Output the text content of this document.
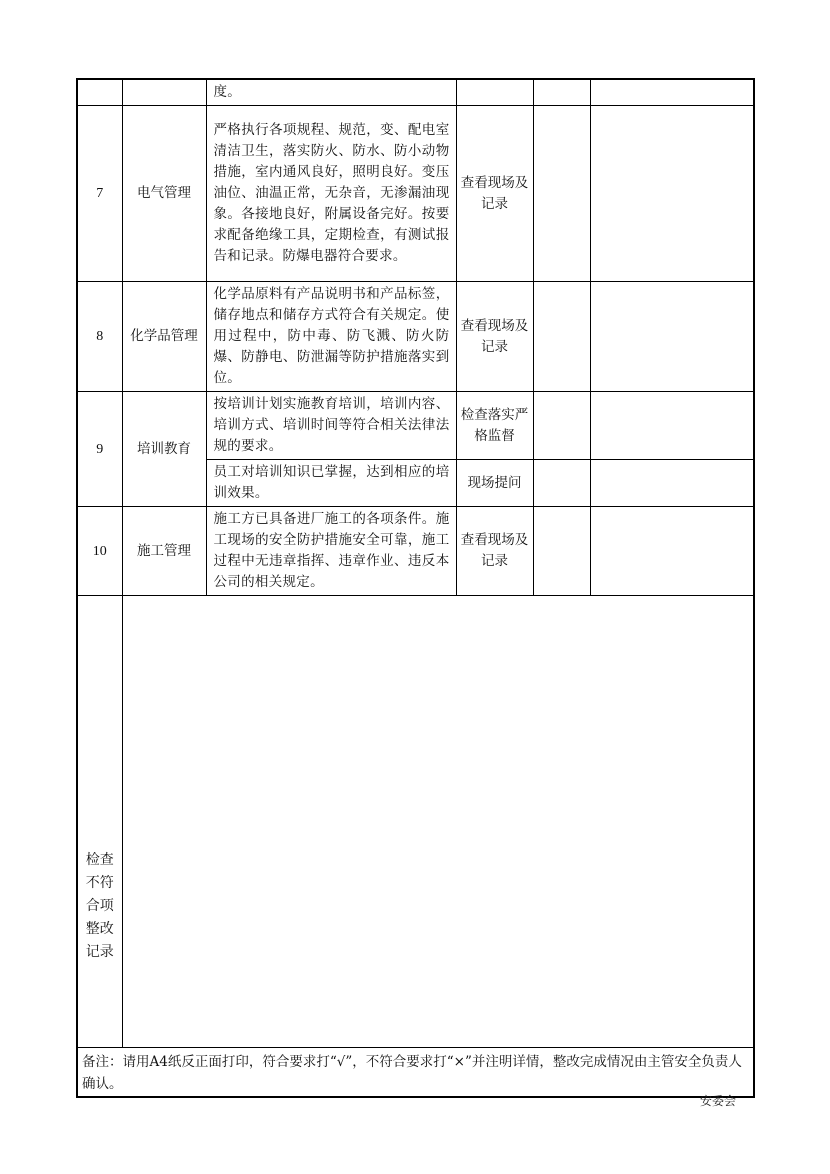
		度。			
7	电气管理	严格执行各项规程、规范，变、配电室清洁卫生，落实防火、防水、防小动物措施，室内通风良好，照明良好。变压油位、油温正常，无杂音，无渗漏油现象。各接地良好，附属设备完好。按要求配备绝缘工具，定期检查，有测试报告和记录。防爆电器符合要求。	查看现场及记录		
8	化学品管理	化学品原料有产品说明书和产品标签，储存地点和储存方式符合有关规定。使用过程中，防中毒、防飞溅、防火防爆、防静电、防泄漏等防护措施落实到位。	查看现场及记录		
9	培训教育	按培训计划实施教育培训，培训内容、培训方式、培训时间等符合相关法律法规的要求。	检查落实严格监督		
		员工对培训知识已掌握，达到相应的培训效果。	现场提问		
10	施工管理	施工方已具备进厂施工的各项条件。施工现场的安全防护措施安全可靠，施工过程中无违章指挥、违章作业、违反本公司的相关规定。	查看现场及记录		
检查不符合项整改记录					
备注：请用A4纸反正面打印，符合要求打“√”，不符合要求打“×”并注明详情，整改完成情况由主管安全负责人确认。					
安委会
